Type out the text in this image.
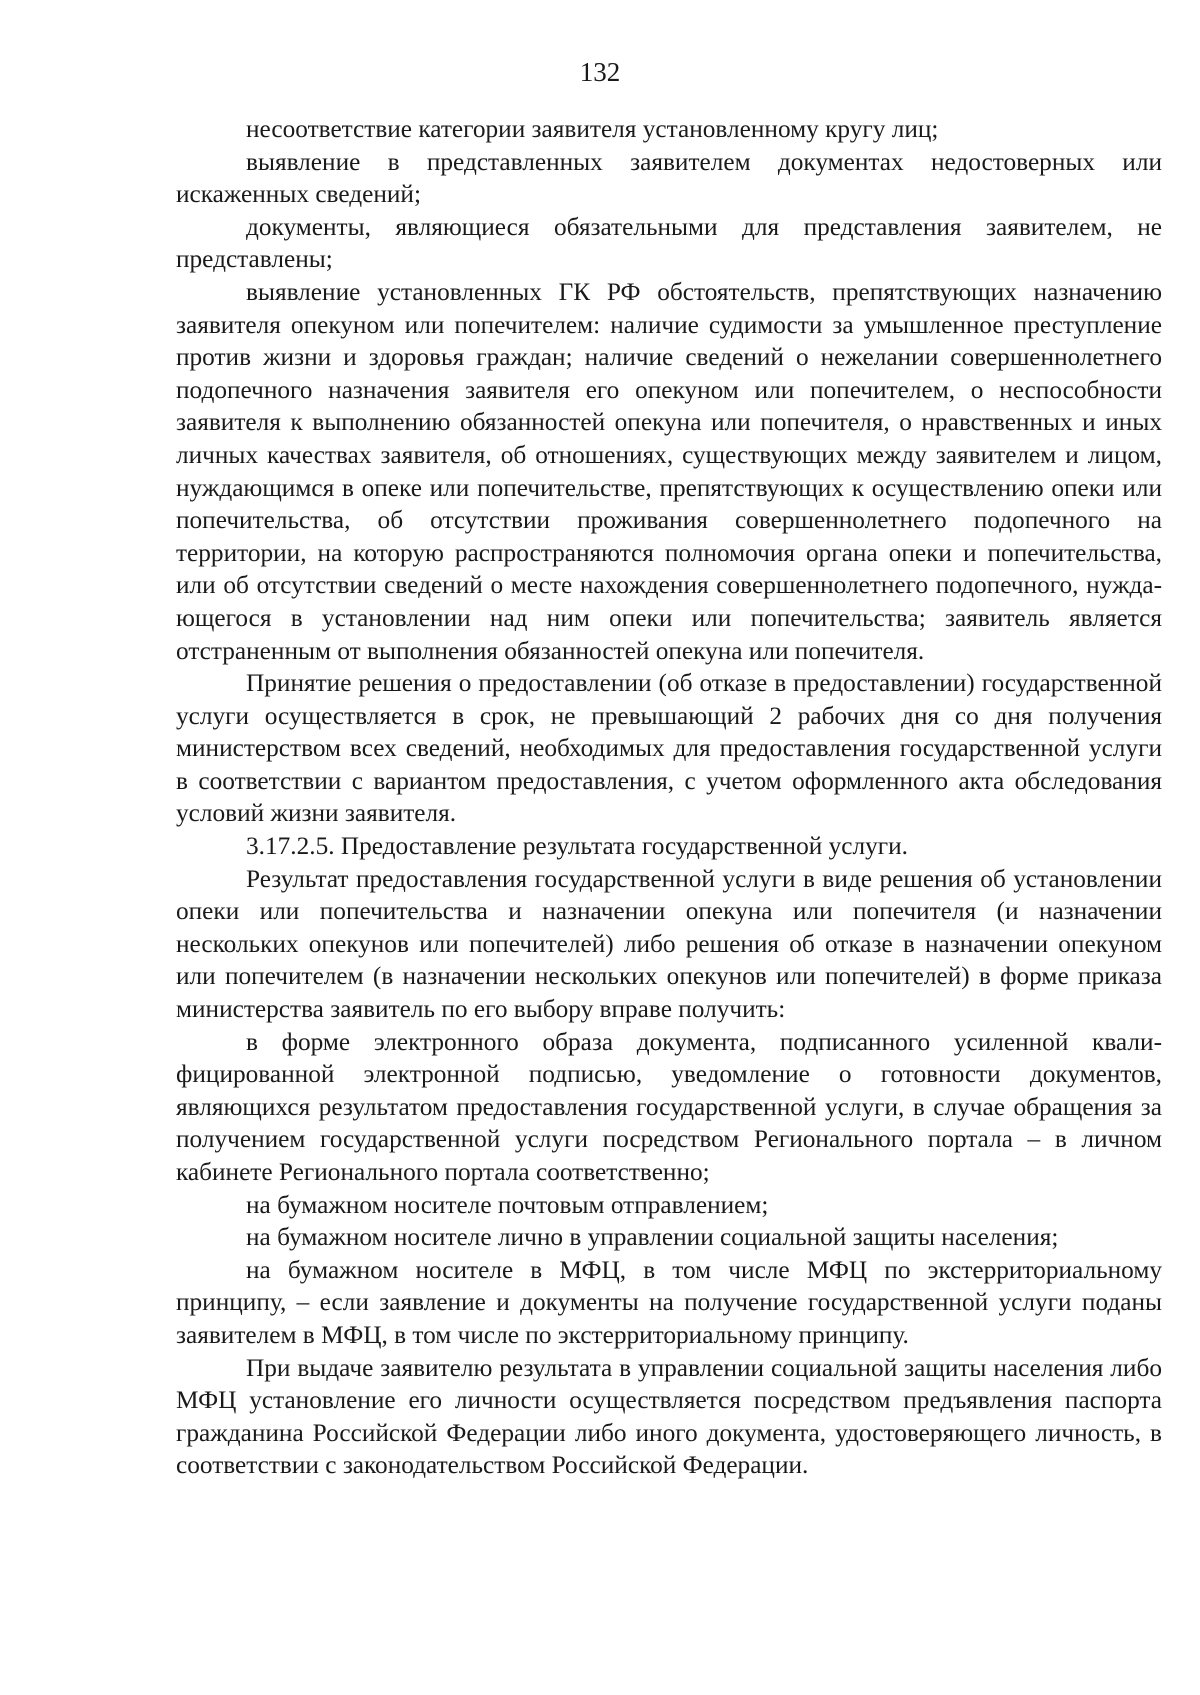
132

несоответствие категории заявителя установленному кругу лиц;

выявление в представленных заявителем документах недостоверных или искаженных сведений;

документы, являющиеся обязательными для представления заявителем, не представлены;

выявление установленных ГК РФ обстоятельств, препятствующих назначению заявителя опекуном или попечителем: наличие судимости за умышленное преступление против жизни и здоровья граждан; наличие сведений о нежелании совершеннолетнего подопечного назначения заявителя его опекуном или попечителем, о неспособности заявителя к выполнению обязанностей опекуна или попечителя, о нравственных и иных личных качествах заявителя, об отношениях, существующих между заявителем и лицом, нуждающимся в опеке или попечительстве, препятствующих к осуществлению опеки или попечительства, об отсутствии проживания совершеннолетнего подопечного на территории, на которую распространяются полномочия органа опеки и попечительства, или об отсутствии сведений о месте нахождения совершеннолетнего подопечного, нуждающегося в установлении над ним опеки или попечительства; заявитель является отстраненным от выполнения обязанностей опекуна или попечителя.

Принятие решения о предоставлении (об отказе в предоставлении) государственной услуги осуществляется в срок, не превышающий 2 рабочих дня со дня получения министерством всех сведений, необходимых для предоставления государственной услуги в соответствии с вариантом предоставления, с учетом оформленного акта обследования условий жизни заявителя.

3.17.2.5. Предоставление результата государственной услуги.

Результат предоставления государственной услуги в виде решения об установлении опеки или попечительства и назначении опекуна или попечителя (и назначении нескольких опекунов или попечителей) либо решения об отказе в назначении опекуном или попечителем (в назначении нескольких опекунов или попечителей) в форме приказа министерства заявитель по его выбору вправе получить:

в форме электронного образа документа, подписанного усиленной квалифицированной электронной подписью, уведомление о готовности документов, являющихся результатом предоставления государственной услуги, в случае обращения за получением государственной услуги посредством Регионального портала – в личном кабинете Регионального портала соответственно;

на бумажном носителе почтовым отправлением;

на бумажном носителе лично в управлении социальной защиты населения;

на бумажном носителе в МФЦ, в том числе МФЦ по экстерриториальному принципу, – если заявление и документы на получение государственной услуги поданы заявителем в МФЦ, в том числе по экстерриториальному принципу.

При выдаче заявителю результата в управлении социальной защиты населения либо МФЦ установление его личности осуществляется посредством предъявления паспорта гражданина Российской Федерации либо иного документа, удостоверяющего личность, в соответствии с законодательством Российской Федерации.
